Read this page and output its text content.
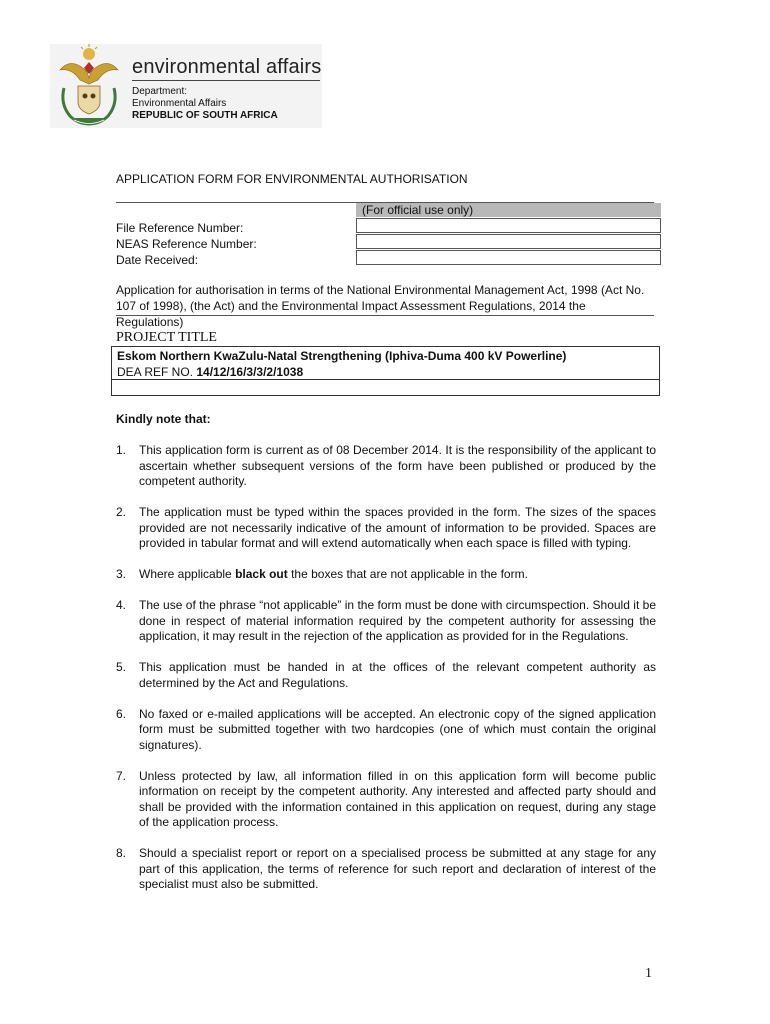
environmental affairs
Department:
Environmental Affairs
REPUBLIC OF SOUTH AFRICA
APPLICATION FORM FOR ENVIRONMENTAL AUTHORISATION
(For official use only)
File Reference Number:
NEAS Reference Number:
Date Received:
Application for authorisation in terms of the National Environmental Management Act, 1998 (Act No. 107 of 1998), (the Act) and the Environmental Impact Assessment Regulations, 2014 the Regulations)
PROJECT TITLE
Eskom Northern KwaZulu-Natal Strengthening (Iphiva-Duma 400 kV Powerline)
DEA REF NO. 14/12/16/3/3/2/1038
Kindly note that:
1. This application form is current as of 08 December 2014. It is the responsibility of the applicant to ascertain whether subsequent versions of the form have been published or produced by the competent authority.
2. The application must be typed within the spaces provided in the form. The sizes of the spaces provided are not necessarily indicative of the amount of information to be provided. Spaces are provided in tabular format and will extend automatically when each space is filled with typing.
3. Where applicable black out the boxes that are not applicable in the form.
4. The use of the phrase “not applicable” in the form must be done with circumspection. Should it be done in respect of material information required by the competent authority for assessing the application, it may result in the rejection of the application as provided for in the Regulations.
5. This application must be handed in at the offices of the relevant competent authority as determined by the Act and Regulations.
6. No faxed or e-mailed applications will be accepted. An electronic copy of the signed application form must be submitted together with two hardcopies (one of which must contain the original signatures).
7. Unless protected by law, all information filled in on this application form will become public information on receipt by the competent authority. Any interested and affected party should and shall be provided with the information contained in this application on request, during any stage of the application process.
8. Should a specialist report or report on a specialised process be submitted at any stage for any part of this application, the terms of reference for such report and declaration of interest of the specialist must also be submitted.
1
